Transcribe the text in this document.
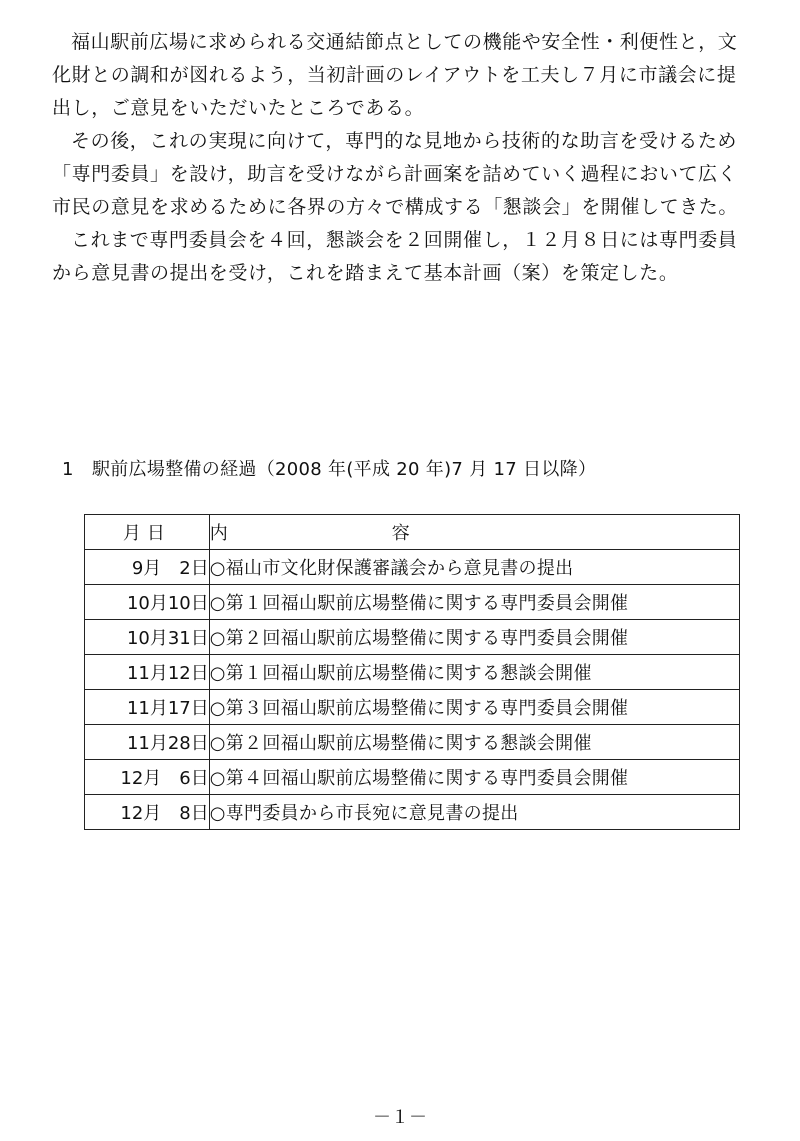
福山駅前広場に求められる交通結節点としての機能や安全性・利便性と，文化財との調和が図れるよう，当初計画のレイアウトを工夫し７月に市議会に提出し，ご意見をいただいたところである。

その後，これの実現に向けて，専門的な見地から技術的な助言を受けるため「専門委員」を設け，助言を受けながら計画案を詰めていく過程において広く市民の意見を求めるために各界の方々で構成する「懇談会」を開催してきた。

これまで専門委員会を４回，懇談会を２回開催し，１２月８日には専門委員から意見書の提出を受け，これを踏まえて基本計画（案）を策定した。

1 駅前広場整備の経過（2008 年(平成 20 年)7 月 17 日以降）
月日	内 容

9月　2日	○福山市文化財保護審議会から意見書の提出
10月10日	○第１回福山駅前広場整備に関する専門委員会開催
10月31日	○第２回福山駅前広場整備に関する専門委員会開催
11月12日	○第１回福山駅前広場整備に関する懇談会開催
11月17日	○第３回福山駅前広場整備に関する専門委員会開催
11月28日	○第２回福山駅前広場整備に関する懇談会開催
12月　6日	○第４回福山駅前広場整備に関する専門委員会開催
12月　8日	○専門委員から市長宛に意見書の提出
－１－
